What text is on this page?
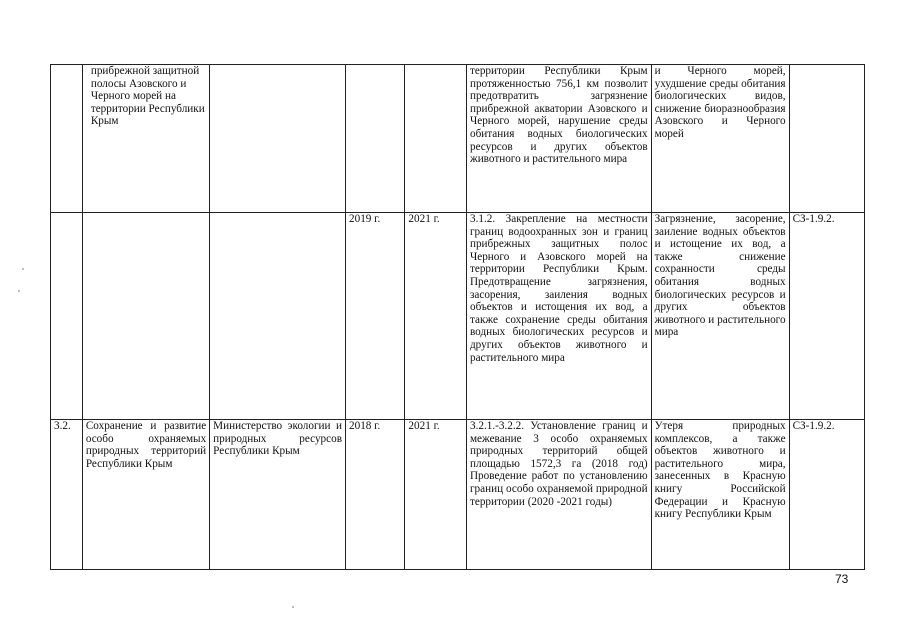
	прибрежной защитной полосы Азовского и Черного морей на территории Республики Крым				территории Республики Крым протяженностью 756,1 км позволит предотвратить загрязнение прибрежной акватории Азовского и Черного морей, нарушение среды обитания водных биологических ресурсов и других объектов животного и растительного мира	и Черного морей, ухудшение среды обитания биологических видов, снижение биоразнообразия Азовского и Черного морей	
			2019 г.	2021 г.	3.1.2. Закрепление на местности границ водоохранных зон и границ прибрежных защитных полос Черного и Азовского морей на территории Республики Крым. Предотвращение загрязнения, засорения, заиления водных объектов и истощения их вод, а также сохранение среды обитания водных биологических ресурсов и других объектов животного и растительного мира	Загрязнение, засорение, заиление водных объектов и истощение их вод, а также снижение сохранности среды обитания водных биологических ресурсов и других объектов животного и растительного мира	СЗ-1.9.2.
3.2.	Сохранение и развитие особо охраняемых природных территорий Республики Крым	Министерство экологии и природных ресурсов Республики Крым	2018 г.	2021 г.	3.2.1.-3.2.2. Установление границ и межевание 3 особо охраняемых природных территорий общей площадью 1572,3 га (2018 год) Проведение работ по установлению границ особо охраняемой природной территории (2020 -2021 годы)	Утеря природных комплексов, а также объектов животного и растительного мира, занесенных в Красную книгу Российской Федерации и Красную книгу Республики Крым	СЗ-1.9.2.
73
